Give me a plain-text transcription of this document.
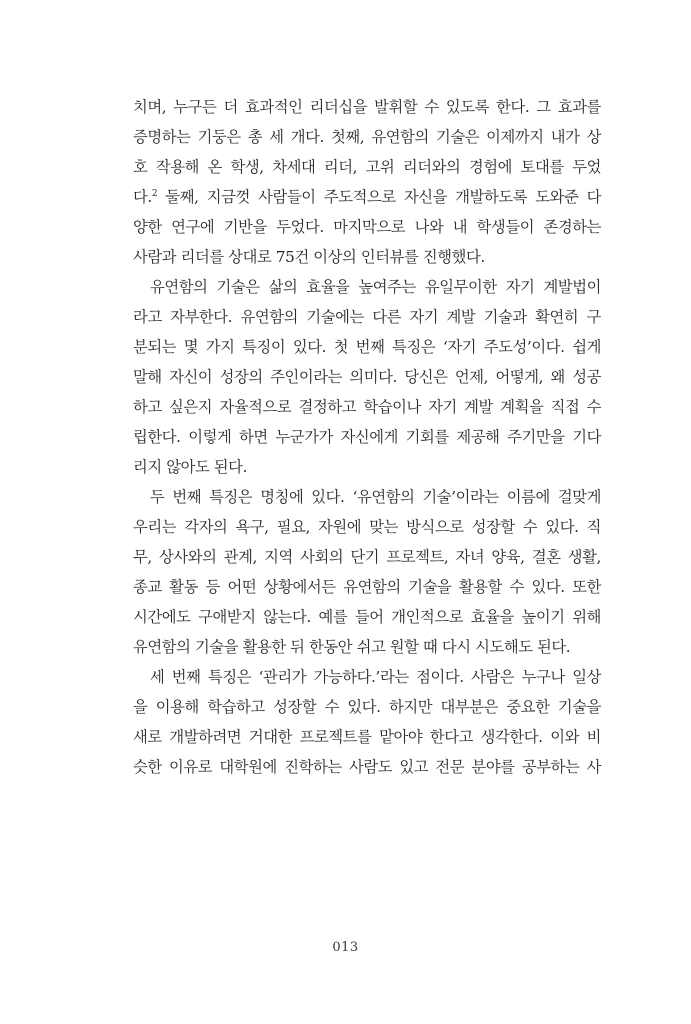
치며, 누구든 더 효과적인 리더십을 발휘할 수 있도록 한다. 그 효과를
증명하는 기둥은 총 세 개다. 첫째, 유연함의 기술은 이제까지 내가 상
호 작용해 온 학생, 차세대 리더, 고위 리더와의 경험에 토대를 두었
다.$^2$ 둘째, 지금껏 사람들이 주도적으로 자신을 개발하도록 도와준 다
양한 연구에 기반을 두었다. 마지막으로 나와 내 학생들이 존경하는
사람과 리더를 상대로 75건 이상의 인터뷰를 진행했다.
유연함의 기술은 삶의 효율을 높여주는 유일무이한 자기 계발법이
라고 자부한다. 유연함의 기술에는 다른 자기 계발 기술과 확연히 구
분되는 몇 가지 특징이 있다. 첫 번째 특징은 ‘자기 주도성’이다. 쉽게
말해 자신이 성장의 주인이라는 의미다. 당신은 언제, 어떻게, 왜 성공
하고 싶은지 자율적으로 결정하고 학습이나 자기 계발 계획을 직접 수
립한다. 이렇게 하면 누군가가 자신에게 기회를 제공해 주기만을 기다
리지 않아도 된다.
두 번째 특징은 명칭에 있다. ‘유연함의 기술’이라는 이름에 걸맞게
우리는 각자의 욕구, 필요, 자원에 맞는 방식으로 성장할 수 있다. 직
무, 상사와의 관계, 지역 사회의 단기 프로젝트, 자녀 양육, 결혼 생활,
종교 활동 등 어떤 상황에서든 유연함의 기술을 활용할 수 있다. 또한
시간에도 구애받지 않는다. 예를 들어 개인적으로 효율을 높이기 위해
유연함의 기술을 활용한 뒤 한동안 쉬고 원할 때 다시 시도해도 된다.
세 번째 특징은 ‘관리가 가능하다.’라는 점이다. 사람은 누구나 일상
을 이용해 학습하고 성장할 수 있다. 하지만 대부분은 중요한 기술을
새로 개발하려면 거대한 프로젝트를 맡아야 한다고 생각한다. 이와 비
슷한 이유로 대학원에 진학하는 사람도 있고 전문 분야를 공부하는 사
013
